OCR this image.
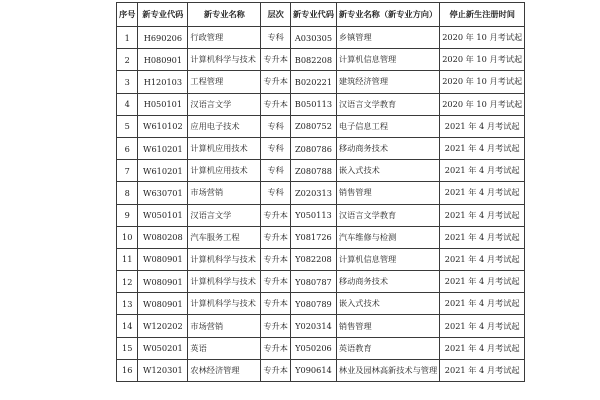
序号	新专业代码	新专业名称	层次	新专业代码	新专业名称（新专业方向）	停止新生注册时间
1	H690206	行政管理	专科	A030305	乡镇管理	2020 年 10 月考试起
2	H080901	计算机科学与技术	专升本	B082208	计算机信息管理	2020 年 10 月考试起
3	H120103	工程管理	专升本	B020221	建筑经济管理	2020 年 10 月考试起
4	H050101	汉语言文学	专升本	B050113	汉语言文学教育	2020 年 10 月考试起
5	W610102	应用电子技术	专科	Z080752	电子信息工程	2021 年 4 月考试起
6	W610201	计算机应用技术	专科	Z080786	移动商务技术	2021 年 4 月考试起
7	W610201	计算机应用技术	专科	Z080788	嵌入式技术	2021 年 4 月考试起
8	W630701	市场营销	专科	Z020313	销售管理	2021 年 4 月考试起
9	W050101	汉语言文学	专升本	Y050113	汉语言文学教育	2021 年 4 月考试起
10	W080208	汽车服务工程	专升本	Y081726	汽车维修与检测	2021 年 4 月考试起
11	W080901	计算机科学与技术	专升本	Y082208	计算机信息管理	2021 年 4 月考试起
12	W080901	计算机科学与技术	专升本	Y080787	移动商务技术	2021 年 4 月考试起
13	W080901	计算机科学与技术	专升本	Y080789	嵌入式技术	2021 年 4 月考试起
14	W120202	市场营销	专升本	Y020314	销售管理	2021 年 4 月考试起
15	W050201	英语	专升本	Y050206	英语教育	2021 年 4 月考试起
16	W120301	农林经济管理	专升本	Y090614	林业及园林高新技术与管理	2021 年 4 月考试起
